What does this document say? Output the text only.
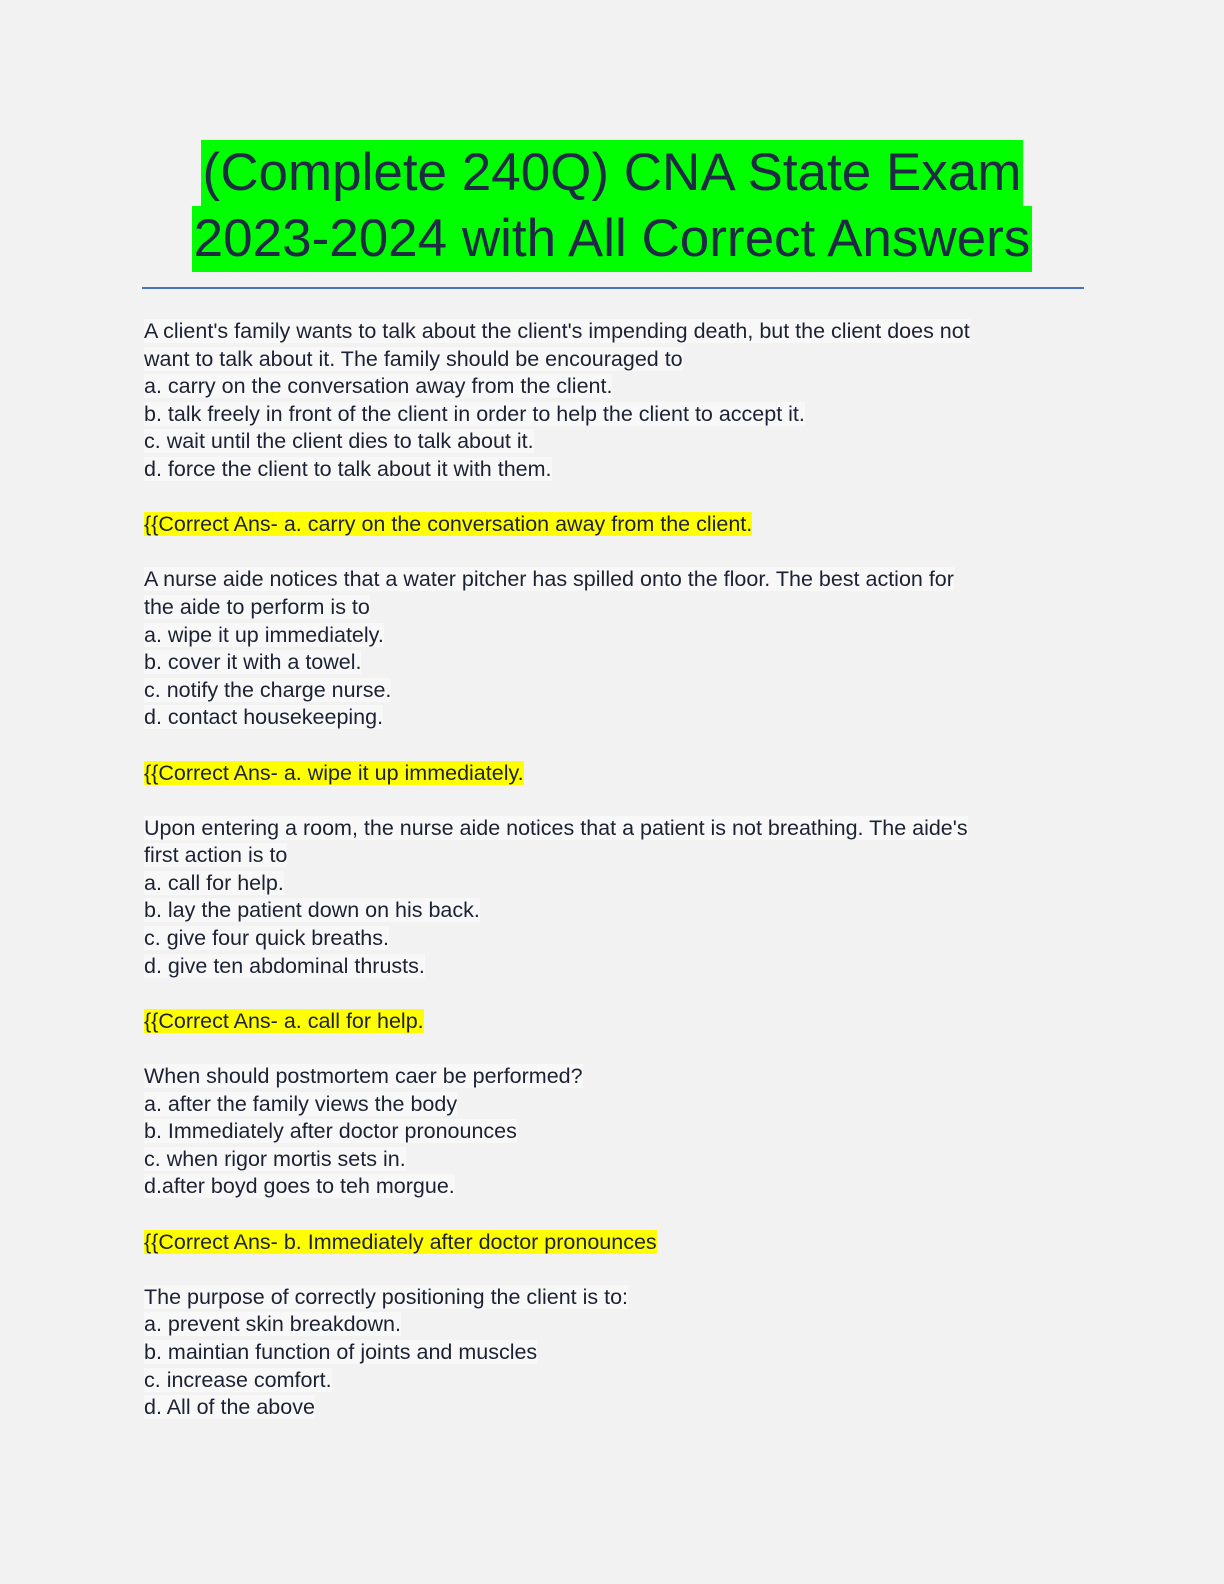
(Complete 240Q) CNA State Exam
2023-2024 with All Correct Answers
A client's family wants to talk about the client's impending death, but the client does not
want to talk about it. The family should be encouraged to
a. carry on the conversation away from the client.
b. talk freely in front of the client in order to help the client to accept it.
c. wait until the client dies to talk about it.
d. force the client to talk about it with them.
{{Correct Ans- a. carry on the conversation away from the client.
A nurse aide notices that a water pitcher has spilled onto the floor. The best action for
the aide to perform is to
a. wipe it up immediately.
b. cover it with a towel.
c. notify the charge nurse.
d. contact housekeeping.
{{Correct Ans- a. wipe it up immediately.
Upon entering a room, the nurse aide notices that a patient is not breathing. The aide's
first action is to
a. call for help.
b. lay the patient down on his back.
c. give four quick breaths.
d. give ten abdominal thrusts.
{{Correct Ans- a. call for help.
When should postmortem caer be performed?
a. after the family views the body
b. Immediately after doctor pronounces
c. when rigor mortis sets in.
d.after boyd goes to teh morgue.
{{Correct Ans- b. Immediately after doctor pronounces
The purpose of correctly positioning the client is to:
a. prevent skin breakdown.
b. maintian function of joints and muscles
c. increase comfort.
d. All of the above
